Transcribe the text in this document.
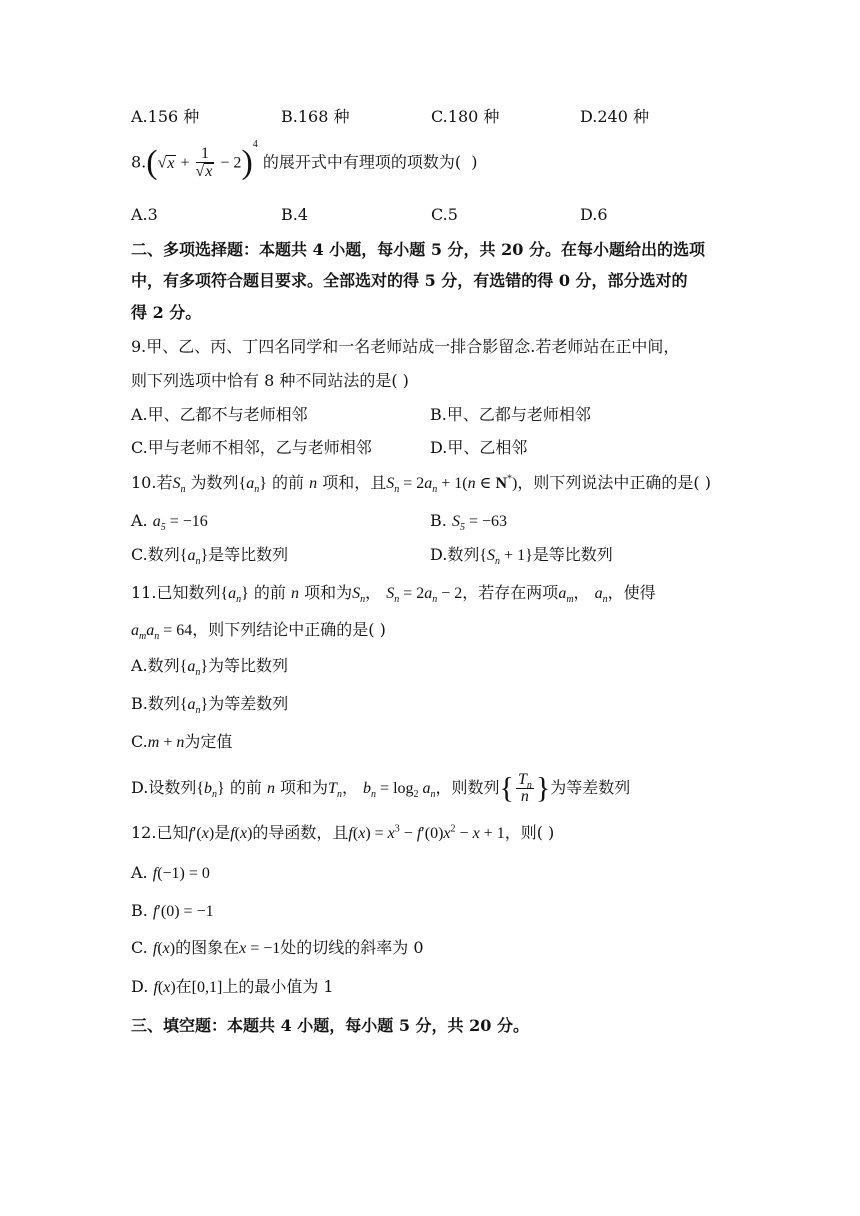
A.156 种	B.168 种	C.180 种	D.240 种
$8.(√x + \frac{1}{√x} - 2)^4$ 的展开式中有理项的项数为( )
A.3	B.4	C.5	D.6
二、多项选择题：本题共 4 小题，每小题 5 分，共 20 分。在每小题给出的选项
中，有多项符合题目要求。全部选对的得 5 分，有选错的得 0 分，部分选对的
得 2 分。
9.甲、乙、丙、丁四名同学和一名老师站成一排合影留念.若老师站在正中间，
则下列选项中恰有 8 种不同站法的是( )
A.甲、乙都不与老师相邻	B.甲、乙都与老师相邻
C.甲与老师不相邻，乙与老师相邻	D.甲、乙相邻
10.若$S_n$ 为数列$\{a_n\}$ 的前 n 项和，且$S_n = 2a_n + 1(n$ ∈ N*)，则下列说法中正确的是( )
A. $a_5 = -16$	B. $S_5 = -63$
C.数列$\{a_n\}$是等比数列	D.数列$\{S_n + 1\}$是等比数列
11.已知数列$\{a_n\}$ 的前 n 项和为$S_n$， $S_n = 2a_n - 2$，若存在两项$a_m$， $a_n$，使得
$a_ma_n = 64$，则下列结论中正确的是( )
A.数列$\{a_n\}$为等比数列
B.数列$\{a_n\}$为等差数列
C.m + n为定值
D.设数列$\{b_n\}$ 的前 n 项和为$T_n$， $b_n = \log_2 a_n$，则数列{ $\frac{T_n}{n}$ }为等差数列
12.已知f′(x)是f(x)的导函数，且$f(x) = x^3 - f'(0)x^2 - x + 1$，则( )
A. f(−1) = 0
B. f′(0) = −1
C. f(x)的图象在x = −1处的切线的斜率为 0
D. f(x)在[0,1]上的最小值为 1
三、填空题：本题共 4 小题，每小题 5 分，共 20 分。
